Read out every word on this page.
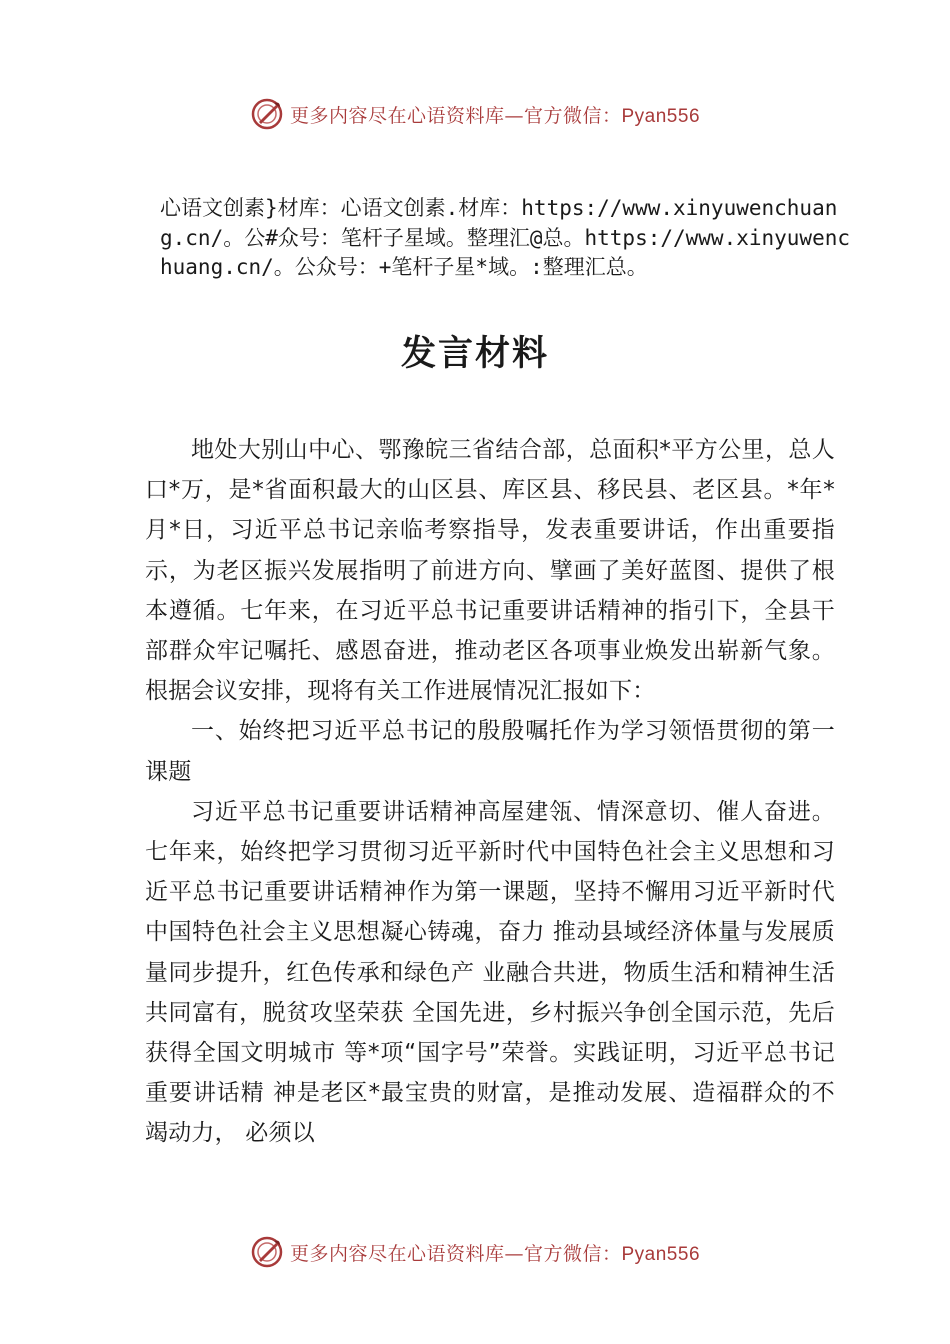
更多内容尽在心语资料库—官方微信：Pyan556

心语文创素}材库：心语文创素.材库：https://www.xinyuwenchuang.cn/。公#众号：笔杆子星域。整理汇@总。https://www.xinyuwenchuang.cn/。公众号：+笔杆子星*域。:整理汇总。

发言材料

地处大别山中心、鄂豫皖三省结合部，总面积*平方公里，总人口*万，是*省面积最大的山区县、库区县、移民县、老区县。*年*月*日，习近平总书记亲临考察指导，发表重要讲话，作出重要指示，为老区振兴发展指明了前进方向、擘画了美好蓝图、提供了根本遵循。七年来，在习近平总书记重要讲话精神的指引下，全县干部群众牢记嘱托、感恩奋进，推动老区各项事业焕发出崭新气象。根据会议安排，现将有关工作进展情况汇报如下：

一、始终把习近平总书记的殷殷嘱托作为学习领悟贯彻的第一课题

习近平总书记重要讲话精神高屋建瓴、情深意切、催人奋进。七年来，始终把学习贯彻习近平新时代中国特色社会主义思想和习近平总书记重要讲话精神作为第一课题，坚持不懈用习近平新时代中国特色社会主义思想凝心铸魂，奋力 推动县域经济体量与发展质量同步提升，红色传承和绿色产 业融合共进，物质生活和精神生活共同富有，脱贫攻坚荣获 全国先进，乡村振兴争创全国示范，先后获得全国文明城市 等*项“国字号”荣誉。实践证明，习近平总书记重要讲话精 神是老区*最宝贵的财富，是推动发展、造福群众的不竭动力， 必须以

更多内容尽在心语资料库—官方微信：Pyan556
